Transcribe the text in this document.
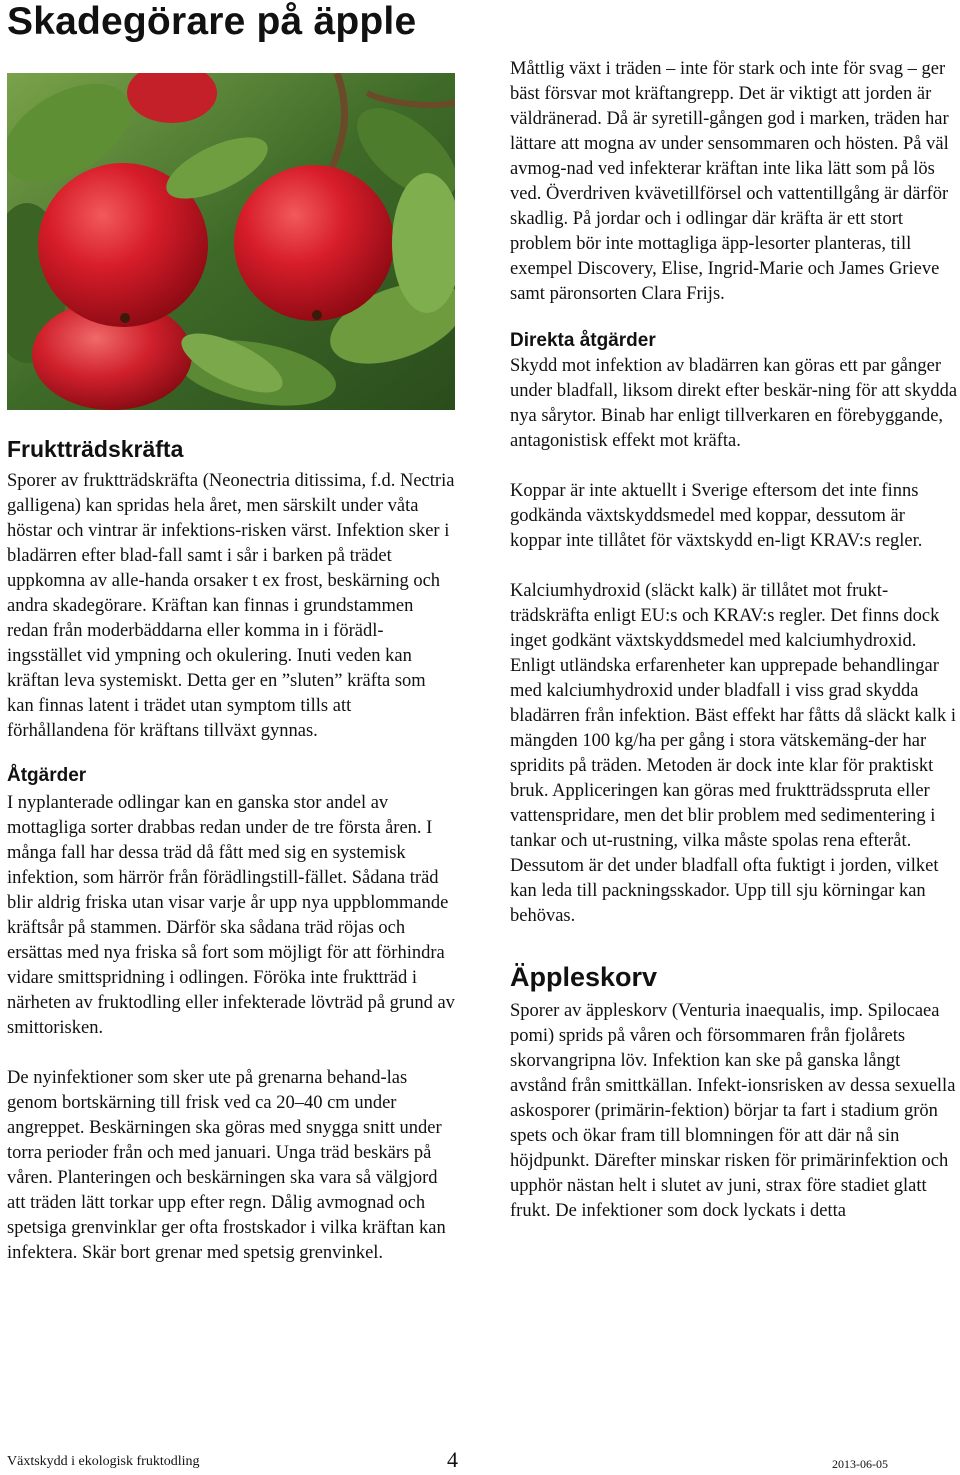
Skadegörare på äpple

Fruktträdskräfta

Sporer av fruktträdskräfta (Neonectria ditissima, f.d. Nectria galligena) kan spridas hela året, men särskilt under våta höstar och vintrar är infektions-risken värst. Infektion sker i bladärren efter blad-fall samt i sår i barken på trädet uppkomna av alle-handa orsaker t ex frost, beskärning och andra skadegörare. Kräftan kan finnas i grundstammen redan från moderbäddarna eller komma in i förädl-ingsstället vid ympning och okulering. Inuti veden kan kräftan leva systemiskt. Detta ger en ”sluten” kräfta som kan finnas latent i trädet utan symptom tills att förhållandena för kräftans tillväxt gynnas.

Åtgärder

I nyplanterade odlingar kan en ganska stor andel av mottagliga sorter drabbas redan under de tre första åren. I många fall har dessa träd då fått med sig en systemisk infektion, som härrör från förädlingstill-fället. Sådana träd blir aldrig friska utan visar varje år upp nya uppblommande kräftsår på stammen. Därför ska sådana träd röjas och ersättas med nya friska så fort som möjligt för att förhindra vidare smittspridning i odlingen. Föröka inte fruktträd i närheten av fruktodling eller infekterade lövträd på grund av smittorisken.

De nyinfektioner som sker ute på grenarna behand-las genom bortskärning till frisk ved ca 20–40 cm under angreppet. Beskärningen ska göras med snygga snitt under torra perioder från och med januari. Unga träd beskärs på våren. Planteringen och beskärningen ska vara så välgjord att träden lätt torkar upp efter regn. Dålig avmognad och spetsiga grenvinklar ger ofta frostskador i vilka kräftan kan infektera. Skär bort grenar med spetsig grenvinkel.

Måttlig växt i träden – inte för stark och inte för svag – ger bäst försvar mot kräftangrepp. Det är viktigt att jorden är väldränerad. Då är syretill-gången god i marken, träden har lättare att mogna av under sensommaren och hösten. På väl avmog-nad ved infekterar kräftan inte lika lätt som på lös ved. Överdriven kvävetillförsel och vattentillgång är därför skadlig. På jordar och i odlingar där kräfta är ett stort problem bör inte mottagliga äpp-lesorter planteras, till exempel Discovery, Elise, Ingrid-Marie och James Grieve samt päronsorten Clara Frijs.

Direkta åtgärder

Skydd mot infektion av bladärren kan göras ett par gånger under bladfall, liksom direkt efter beskär-ning för att skydda nya sårytor. Binab har enligt tillverkaren en förebyggande, antagonistisk effekt mot kräfta.

Koppar är inte aktuellt i Sverige eftersom det inte finns godkända växtskyddsmedel med koppar, dessutom är koppar inte tillåtet för växtskydd en-ligt KRAV:s regler.

Kalciumhydroxid (släckt kalk) är tillåtet mot frukt-trädskräfta enligt EU:s och KRAV:s regler. Det finns dock inget godkänt växtskyddsmedel med kalciumhydroxid. Enligt utländska erfarenheter kan upprepade behandlingar med kalciumhydroxid under bladfall i viss grad skydda bladärren från infektion. Bäst effekt har fåtts då släckt kalk i mängden 100 kg/ha per gång i stora vätskemäng-der har spridits på träden. Metoden är dock inte klar för praktiskt bruk. Appliceringen kan göras med fruktträdsspruta eller vattenspridare, men det blir problem med sedimentering i tankar och ut-rustning, vilka måste spolas rena efteråt. Dessutom är det under bladfall ofta fuktigt i jorden, vilket kan leda till packningsskador. Upp till sju körningar kan behövas.

Äppleskorv

Sporer av äppleskorv (Venturia inaequalis, imp. Spilocaea pomi) sprids på våren och försommaren från fjolårets skorvangripna löv. Infektion kan ske på ganska långt avstånd från smittkällan. Infekt-ionsrisken av dessa sexuella askosporer (primärin-fektion) börjar ta fart i stadium grön spets och ökar fram till blomningen för att där nå sin höjdpunkt. Därefter minskar risken för primärinfektion och upphör nästan helt i slutet av juni, strax före stadiet glatt frukt. De infektioner som dock lyckats i detta

Växtskydd i ekologisk fruktodling	4	2013-06-05
